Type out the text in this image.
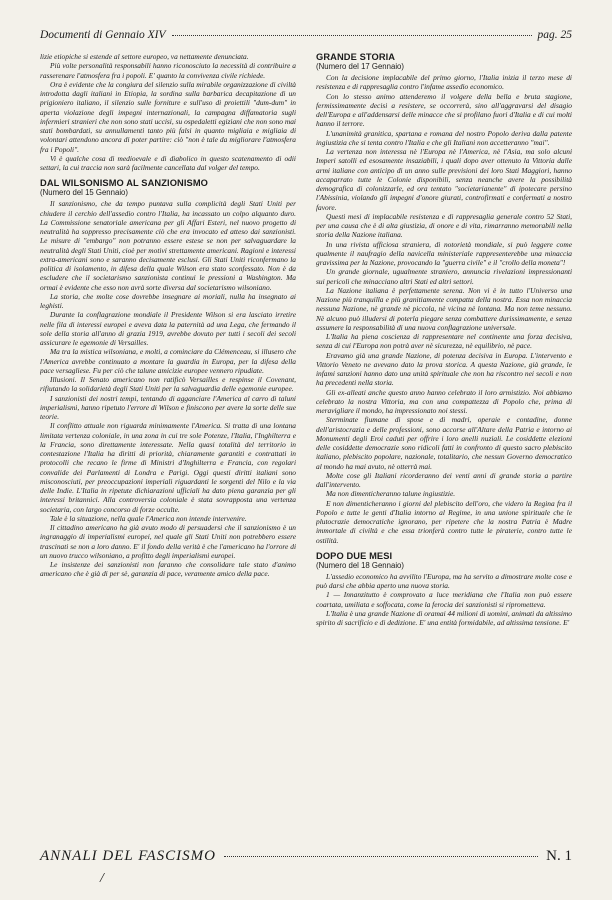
Documenti di Gennaio XIV	pag. 25

lizie etiopiche si estende al settore europeo, va nettamente denunciata.

Più volte personalità responsabili hanno riconosciuto la necessità di contribuire a rasserenare l'atmosfera fra i popoli. E' quanto la convivenza civile richiede.

Ora è evidente che la congiura del silenzio sulla mirabile organizzazione di civiltà introdotta dagli italiani in Etiopia, la sordina sulla barbarica decapitazione di un prigioniero italiano, il silenzio sulle forniture e sull'uso di proiettili "dum-dum" in aperta violazione degli impegni internazionali, la campagna diffamatoria sugli infermieri stranieri che non sono stati uccisi, su ospedaletti egiziani che non sono mai stati bombardati, su annullamenti tanto più falsi in quanto migliaia e migliaia di volontari attendono ancora di poter partire: ciò "non è tale da migliorare l'atmosfera fra i Popoli".

Vi è qualche cosa di medioevale e di diabolico in questo scatenamento di odii settari, la cui traccia non sarà facilmente cancellata dal volger del tempo.

DAL WILSONISMO AL SANZIONISMO
(Numero del 15 Gennaio)

Il sanzionismo, che da tempo puntava sulla complicità degli Stati Uniti per chiudere il cerchio dell'assedio contro l'Italia, ha incassato un colpo alquanto duro. La Commissione senatoriale americana per gli Affari Esteri, nel nuovo progetto di neutralità ha soppresso precisamente ciò che era invocato ed atteso dai sanzionisti. Le misure di "embargo" non potranno essere estese se non per salvaguardare la neutralità degli Stati Uniti, cioè per motivi strettamente americani. Ragioni e interessi extra-americani sono e saranno decisamente esclusi. Gli Stati Uniti riconfermano la politica di isolamento, in difesa della quale Wilson era stato sconfessato. Non è da escludere che il societarismo sanzionista continui le pressioni a Washington. Ma ormai è evidente che esso non avrà sorte diversa dal societarismo wilsoniano.

La storia, che molte cose dovrebbe insegnare ai moriali, nulla ha insegnato ai leghisti.

Durante la conflagrazione mondiale il Presidente Wilson si era lasciato irretire nelle fila di interessi europei e aveva data la paternità ad una Lega, che fermando il sole della storia all'anno di grazia 1919, avrebbe dovuto per tutti i secoli dei secoli assicurare le egemonie di Versailles.

Ma tra la mistica wilsoniana, e molti, a cominciare da Clémenceau, si illusero che l'America avrebbe continuato a montare la guardia in Europa, per la difesa della pace versagliese. Fu per ciò che talune amicizie europee vennero ripudiate.

Illusioni. Il Senato americano non ratificò Versailles e respinse il Covenant, rifiutando la solidarietà degli Stati Uniti per la salvaguardia delle egemonie europee.

I sanzionisti dei nostri tempi, tentando di agganciare l'America al carro di taluni imperialismi, hanno ripetuto l'errore di Wilson e finiscono per avere la sorte delle sue teorie.

Il conflitto attuale non riguarda minimamente l'America. Si tratta di una lontana limitata vertenza coloniale, in una zona in cui tre sole Potenze, l'Italia, l'Inghilterra e la Francia, sono direttamente interessate. Nella quasi totalità del territorio in contestazione l'Italia ha diritti di priorità, chiaramente garantiti e contrattati in protocolli che recano le firme di Ministri d'Inghilterra e Francia, con regolari convalide dei Parlamenti di Londra e Parigi. Oggi questi diritti italiani sono misconosciuti, per preoccupazioni imperiali riguardanti le sorgenti del Nilo e la via delle Indie. L'Italia in ripetute dichiarazioni ufficiali ha dato piena garanzia per gli interessi britannici. Alla controversia coloniale è stata sovrapposta una vertenza societaria, con largo concorso di forze occulte.

Tale è la situazione, nella quale l'America non intende intervenire.

Il cittadino americano ha già avuto modo di persuadersi che il sanzionismo è un ingranaggio di imperialismi europei, nel quale gli Stati Uniti non potrebbero essere trascinati se non a loro danno. E' il fondo della verità è che l'americano ha l'orrore di un nuovo truccо wilsoniano, a profitto degli imperialismi europei.

Le insistenze dei sanzionisti non faranno che consolidare tale stato d'animo americano che è già di per sè, garanzia di pace, veramente amico della pace.

GRANDE STORIA
(Numero del 17 Gennaio)

Con la decisione implacabile del primo giorno, l'Italia inizia il terzo mese di resistenza e di rappresaglia contro l'infame assedio economico.

Con lo stesso animo attenderemo il volgere della bella e bruta stagione, fermissimamente decisi a resistere, se occorrerà, sino all'aggravarsi del disagio dell'Europa e all'addensarsi delle minacce che si profilano fuori d'Italia e di cui molti hanno il terrore.

L'unanimità granitica, spartana e romana del nostro Popolo deriva dalla patente ingiustizia che si tenta contro l'Italia e che gli Italiani non accetteranno "mai".

La vertenza non interessa nè l'Europa nè l'America, nè l'Asia, ma solo alcuni Imperi satolli ed esosamente insaziabili, i quali dopo aver ottenuto la Vittoria dalle armi italiane con anticipo di un anno sulle previsioni dei loro Stati Maggiori, hanno accaparrato tutte le Colonie disponibili, senza neanche avere la possibilità demografica di colonizzarle, ed ora tentato "societarianente" di ipotecare persino l'Abissinia, violando gli impegni d'onore giurati, controfirmati e confermati a nostro favore.

Questi mesi di implacabile resistenza e di rappresaglia generale contro 52 Stati, per una causa che è di alta giustizia, di onore e di vita, rimarranno memorabili nella storia della Nazione italiana.

In una rivista ufficiosa straniera, di notorietà mondiale, si può leggere come qualmente il naufragio della navicella ministeriale rappresenterebbe una minaccia gravissima per la Nazione, provocando la "guerra civile" e il "crollo della moneta"!

Un grande giornale, ugualmente straniero, annuncia rivelazioni impressionanti sui pericoli che minacciano altri Stati ed altri settori.

La Nazione italiana è perfettamente serena. Non vi è in tutto l'Universo una Nazione più tranquilla e più granitiamente compatta della nostra. Essa non minaccia nessuna Nazione, nè grande nè piccola, nè vicina nè lontana. Ma non teme nessuno. Nè alcuno può illudersi di poterla piegare senza combattere durissimamente, e senza assumere la responsabilità di una nuova conflagrazione universale.

L'Italia ha piena coscienza di rappresentare nel continente una forza decisiva, senza di cui l'Europa non potrà aver nè sicurezza, nè equilibrio, nè pace.

Eravamo già una grande Nazione, di potenza decisiva in Europa. L'intervento e Vittorio Veneto ne avevano dato la prova storica. A questa Nazione, già grande, le infami sanzioni hanno dato una unità spirituale che non ha riscontro nei secoli e non ha precedenti nella storia.

Gli ex-alleati anche questo anno hanno celebrato il loro armistizio. Noi abbiamo celebrato la nostra Vittoria, ma con una compattezza di Popolo che, prima di meravigliare il mondo, ha impressionato noi stessi.

Sterminate fiumane di spose e di madri, operaie e contadine, donne dell'aristocrazia e delle professioni, sono accorse all'Altare della Patria e intorno ai Monumenti degli Eroi caduti per offrire i loro anelli nuziali. Le cosiddette elezioni delle cosiddette democrazie sono ridicoli fatti in confronto di questo sacro plebiscito italiano, plebiscito popolare, nazionale, totalitario, che nessun Governo democratico al mondo ha mai avuto, nè otterrà mai.

Molte cose gli Italiani ricorderanno dei venti anni di grande storia a partire dall'intervento.

Ma non dimenticheranno talune ingiustizie.

E non dimenticheranno i giorni del plebiscito dell'oro, che videro la Regina fra il Popolo e tutte le genti d'Italia intorno al Regime, in una unione spirituale che le plutocrazie democratiche ignorano, per ripetere che la nostra Patria è Madre immortale di civiltà e che essa trionferà contro tutte le piraterie, contro tutte le ostilità.

DOPO DUE MESI
(Numero del 18 Gennaio)

L'assedio economico ha avvilito l'Europa, ma ha servito a dimostrare molte cose e può darsi che abbia aperto una nuova storia.

1 — Innanzitutto è comprovato a luce meridiana che l'Italia non può essere coartata, umiliata e soffocata, come la ferocia dei sanzionisti si ripromettevа.

L'Italia è una grande Nazione di oramai 44 milioni di uomini, animati da altissimo spirito di sacrificio e di dedizione. E' una entità formidabile, ad altissima tensione. E'

ANNALI DEL FASCISMO	N. 1
/
